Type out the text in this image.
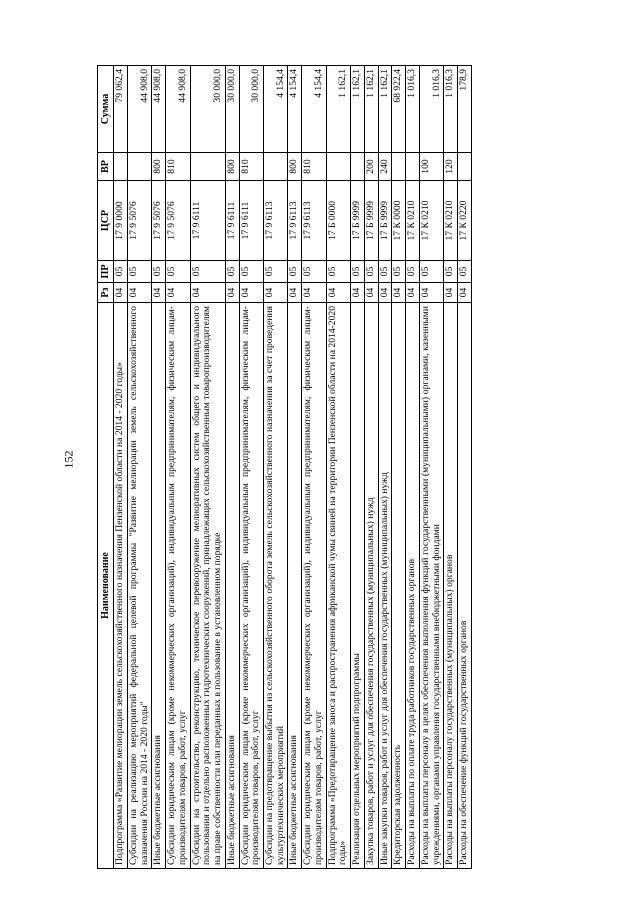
152
Наименование	Рз	ПР	ЦСР	ВР	Сумма
Подпрограмма «Развитие мелиорации земель сельскохозяйственного назначения Пензенской области на 2014 - 2020 годы»	04	05	17 9 0000		79 062,4
Субсидии на реализацию мероприятий федеральной целевой программы "Развитие мелиорации земель сельскохозяйственного назначения России на 2014 - 2020 годы"	04	05	17 9 5076		44 908,0
Иные бюджетные ассигнования	04	05	17 9 5076	800	44 908,0
Субсидии юридическим лицам (кроме некоммерческих организаций), индивидуальным предпринимателям, физическим лицам-производителям товаров, работ, услуг	04	05	17 9 5076	810	44 908,0
Субсидии на строительство, реконструкцию, техническое перевооружение мелиоративных систем общего и индивидуального пользования и отдельно расположенных гидротехнических сооружений, принадлежащих сельскохозяйственным товаропроизводителям на праве собственности или переданных в пользование в установленном порядке	04	05	17 9 6111		30 000,0
Иные бюджетные ассигнования	04	05	17 9 6111	800	30 000,0
Субсидии юридическим лицам (кроме некоммерческих организаций), индивидуальным предпринимателям, физическим лицам-производителям товаров, работ, услуг	04	05	17 9 6111	810	30 000,0
Субсидии на предотвращение выбытия из сельскохозяйственного оборота земель сельскохозяйственного назначения за счет проведения культуртехнических мероприятий	04	05	17 9 6113		4 154,4
Иные бюджетные ассигнования	04	05	17 9 6113	800	4 154,4
Субсидии юридическим лицам (кроме некоммерческих организаций), индивидуальным предпринимателям, физическим лицам-производителям товаров, работ, услуг	04	05	17 9 6113	810	4 154,4
Подпрограмма «Предотвращение заноса и распространения африканской чумы свиней на территории Пензенской области на 2014-2020 годы»	04	05	17 Б 0000		1 162,1
Реализация отдельных мероприятий подпрограммы	04	05	17 Б 9999		1 162,1
Закупка товаров, работ и услуг для обеспечения государственных (муниципальных) нужд	04	05	17 Б 9999	200	1 162,1
Иные закупки товаров, работ и услуг для обеспечения государственных (муниципальных) нужд	04	05	17 Б 9999	240	1 162,1
Кредиторская задолженность	04	05	17 К 0000		68 922,4
Расходы на выплаты по оплате труда работников государственных органов	04	05	17 К 0210		1 016,3
Расходы на выплаты персоналу в целях обеспечения выполнения функций государственными (муниципальными) органами, казенными учреждениями, органами управления государственными внебюджетными фондами	04	05	17 К 0210	100	1 016,3
Расходы на выплаты персоналу государственных (муниципальных) органов	04	05	17 К 0210	120	1 016,3
Расходы на обеспечение функций государственных органов	04	05	17 К 0220		178,9
